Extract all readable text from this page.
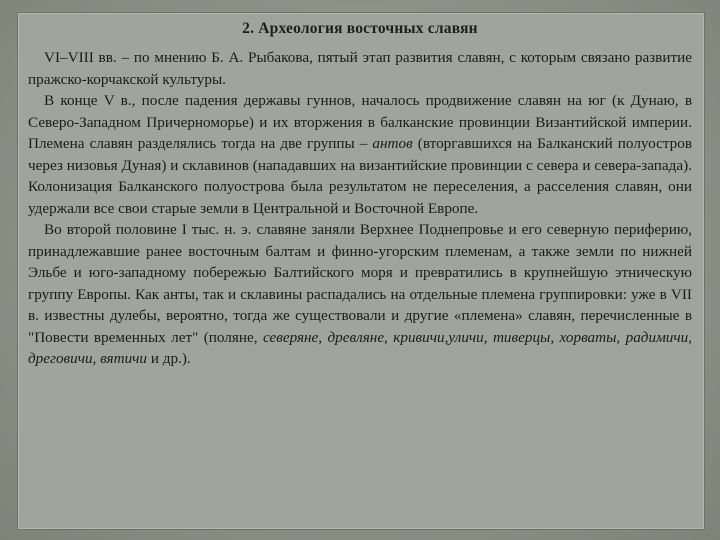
2. Археология восточных славян

VI–VIII вв. – по мнению Б. А. Рыбакова, пятый этап развития славян, с которым связано развитие пражско-корчакской культуры.

В конце V в., после падения державы гуннов, началось продвижение славян на юг (к Дунаю, в Северо-Западном Причерноморье) и их вторжения в балканские провинции Византийской империи. Племена славян разделялись тогда на две группы – антов (вторгавшихся на Балканский полуостров через низовья Дуная) и склавинов (нападавших на византийские провинции с севера и севера-запада). Колонизация Балканского полуострова была результатом не переселения, а расселения славян, они удержали все свои старые земли в Центральной и Восточной Европе.

Во второй половине I тыс. н. э. славяне заняли Верхнее Поднепровье и его северную периферию, принадлежавшие ранее восточным балтам и финно-угорским племенам, а также земли по нижней Эльбе и юго-западному побережью Балтийского моря и превратились в крупнейшую этническую группу Европы. Как анты, так и склавины распадались на отдельные племена группировки: уже в VII в. известны дулебы, вероятно, тогда же существовали и другие «племена» славян, перечисленные в "Повести временных лет" (поляне, северяне, древляне, кривичи,уличи, тиверцы, хорваты, радимичи, дреговичи, вятичи и др.).
